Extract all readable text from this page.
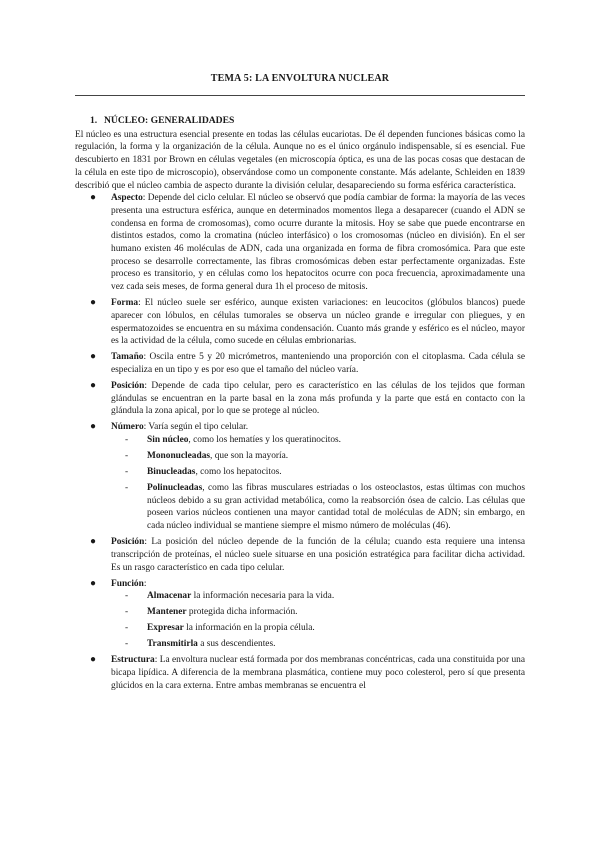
TEMA 5: LA ENVOLTURA NUCLEAR
1. NÚCLEO: GENERALIDADES

El núcleo es una estructura esencial presente en todas las células eucariotas. De él dependen funciones básicas como la regulación, la forma y la organización de la célula. Aunque no es el único orgánulo indispensable, sí es esencial. Fue descubierto en 1831 por Brown en células vegetales (en microscopía óptica, es una de las pocas cosas que destacan de la célula en este tipo de microscopio), observándose como un componente constante. Más adelante, Schleiden en 1839 describió que el núcleo cambia de aspecto durante la división celular, desapareciendo su forma esférica característica.

● Aspecto: Depende del ciclo celular. El núcleo se observó que podía cambiar de forma: la mayoría de las veces presenta una estructura esférica, aunque en determinados momentos llega a desaparecer (cuando el ADN se condensa en forma de cromosomas), como ocurre durante la mitosis. Hoy se sabe que puede encontrarse en distintos estados, como la cromatina (núcleo interfásico) o los cromosomas (núcleo en división). En el ser humano existen 46 moléculas de ADN, cada una organizada en forma de fibra cromosómica. Para que este proceso se desarrolle correctamente, las fibras cromosómicas deben estar perfectamente organizadas. Este proceso es transitorio, y en células como los hepatocitos ocurre con poca frecuencia, aproximadamente una vez cada seis meses, de forma general dura 1h el proceso de mitosis.
● Forma: El núcleo suele ser esférico, aunque existen variaciones: en leucocitos (glóbulos blancos) puede aparecer con lóbulos, en células tumorales se observa un núcleo grande e irregular con pliegues, y en espermatozoides se encuentra en su máxima condensación. Cuanto más grande y esférico es el núcleo, mayor es la actividad de la célula, como sucede en células embrionarias.
● Tamaño: Oscila entre 5 y 20 micrómetros, manteniendo una proporción con el citoplasma. Cada célula se especializa en un tipo y es por eso que el tamaño del núcleo varía.
● Posición: Depende de cada tipo celular, pero es característico en las células de los tejidos que forman glándulas se encuentran en la parte basal en la zona más profunda y la parte que está en contacto con la glándula la zona apical, por lo que se protege al núcleo.
● Número: Varía según el tipo celular.
- Sin núcleo, como los hematíes y los queratinocitos.
- Mononucleadas, que son la mayoría.
- Binucleadas, como los hepatocitos.
- Polinucleadas, como las fibras musculares estriadas o los osteoclastos, estas últimas con muchos núcleos debido a su gran actividad metabólica, como la reabsorción ósea de calcio. Las células que poseen varios núcleos contienen una mayor cantidad total de moléculas de ADN; sin embargo, en cada núcleo individual se mantiene siempre el mismo número de moléculas (46).
● Posición: La posición del núcleo depende de la función de la célula; cuando esta requiere una intensa transcripción de proteínas, el núcleo suele situarse en una posición estratégica para facilitar dicha actividad. Es un rasgo característico en cada tipo celular.
● Función:
- Almacenar la información necesaria para la vida.
- Mantener protegida dicha información.
- Expresar la información en la propia célula.
- Transmitirla a sus descendientes.
● Estructura: La envoltura nuclear está formada por dos membranas concéntricas, cada una constituida por una bicapa lipídica. A diferencia de la membrana plasmática, contiene muy poco colesterol, pero sí que presenta glúcidos en la cara externa. Entre ambas membranas se encuentra el
